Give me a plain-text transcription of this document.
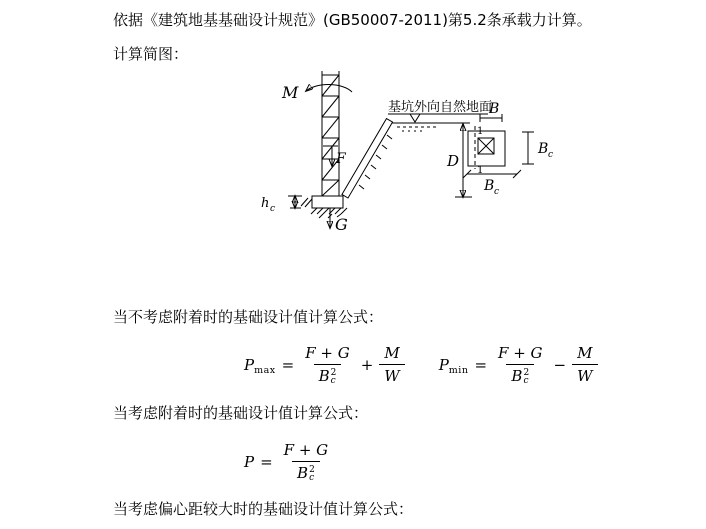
依据《建筑地基基础设计规范》(GB50007-2011)第5.2条承载力计算。
计算简图：
M
F
h c
G
基坑外向自然地面
B
D
1
1
B c
B c
当不考虑附着时的基础设计值计算公式：
P max = F + G
B 2
$c + \frac{M}{W}$ P min = F + G
B 2
$c - \frac{M}{W}$
当考虑附着时的基础设计值计算公式：
P = F + G
B 2
c
当考虑偏心距较大时的基础设计值计算公式：
